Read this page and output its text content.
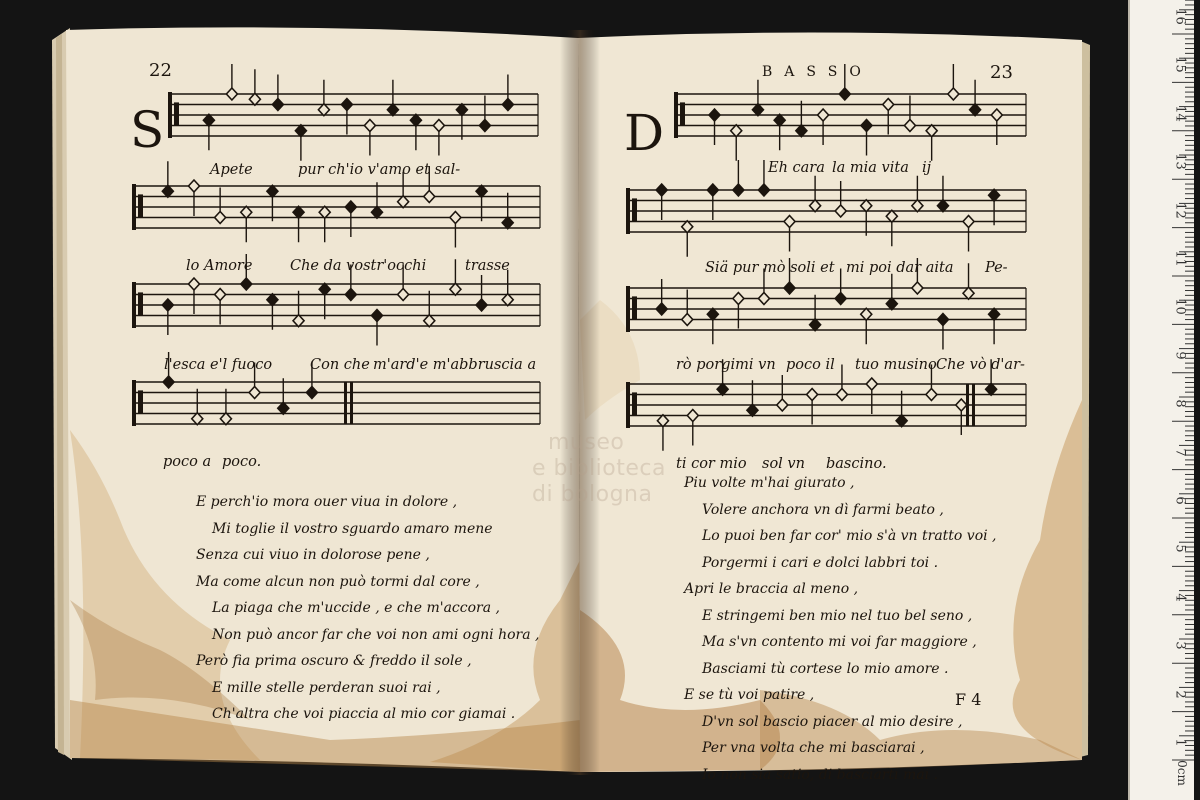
22
S
Apete	pur ch'io v'amo et sal-
lo Amore	Che da vostr'occhi	trasse
l'esca e'l fuoco	Con che m'ard'e m'abbruscia a
poco a poco.
E perch'io mora ouer viua in dolore ,
Mi toglie il vostro sguardo amaro mene
Senza cui viuo in dolorose pene ,
Ma come alcun non può tormi dal core ,
La piaga che m'uccide , e che m'accora ,
Non può ancor far che voi non ami ogni hora ,
Però fia prima oscuro & freddo il sole ,
E mille stelle perderan suoi rai ,
Ch'altra che voi piaccia al mio cor giamai .
BASSO	23
D
Eh cara la mia vita ij
Siä pur mò soli et mi poi dar aita Pe-
rò porgimi vn poco il tuo musino Che vò d'ar-
ti cor mio sol vn bascino.
Piu volte m'hai giurato ,
Volere anchora vn dì farmi beato ,
Lo puoi ben far cor' mio s'à vn tratto voi ,
Porgermi i cari e dolci labbri toi .
Apri le braccia al meno ,
E stringemi ben mio nel tuo bel seno ,
Ma s'vn contento mi voi far maggiore ,
Basciami tù cortese lo mio amore .
E se tù voi patire ,
D'vn sol bascio piacer al mio desire ,
Per vna volta che mi basciarai ,
Io non sia satio, di basciarti mai .
F 4
museo
e biblioteca
di bologna
1
2
3
4
5
6
7
8
9
10
11
12
13
14
15
16
0cm
